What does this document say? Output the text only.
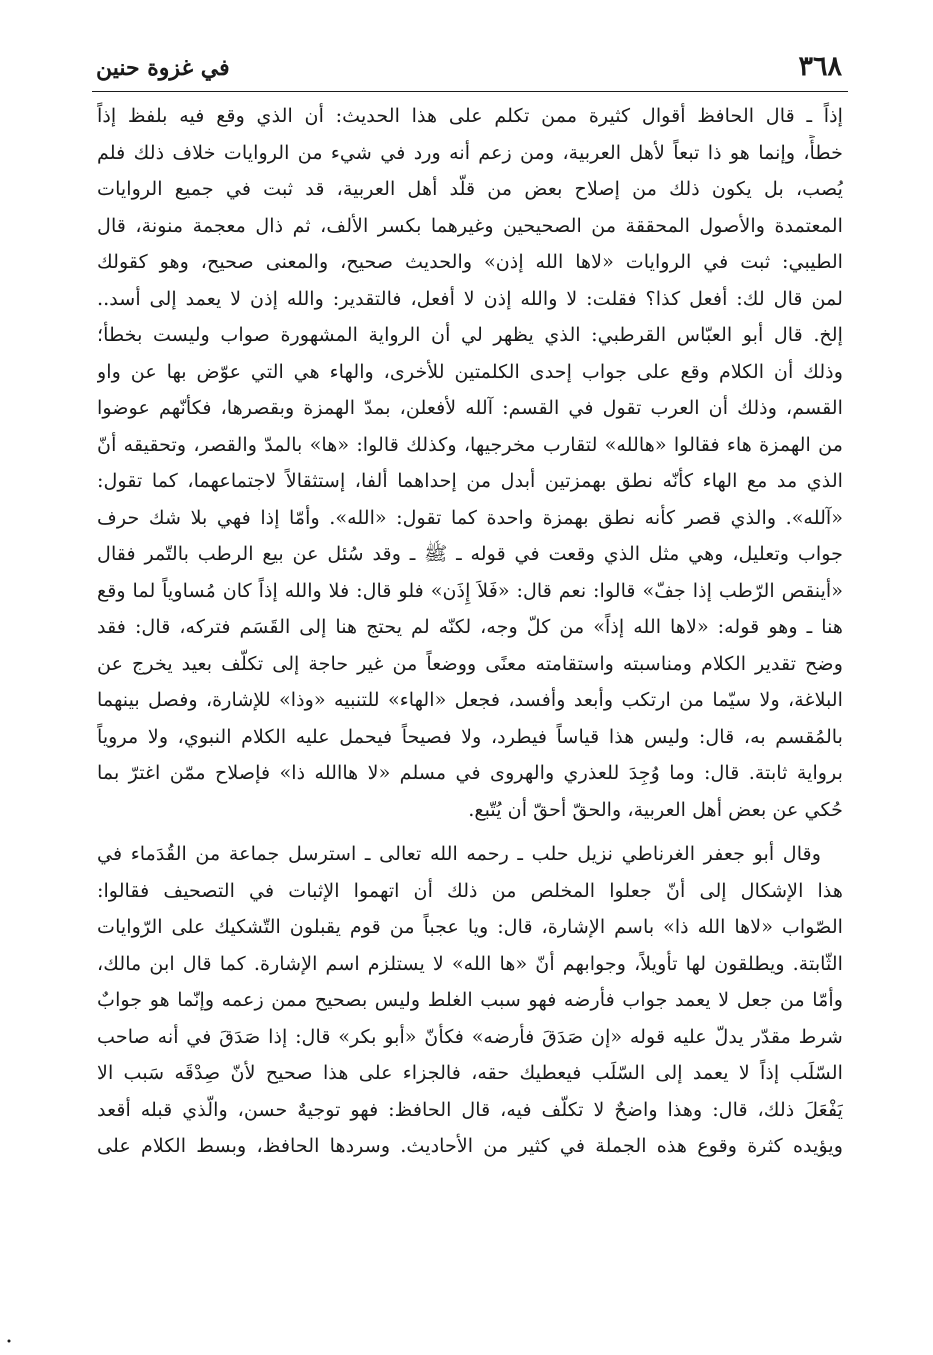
٣٦٨
في غزوة حنين
إذاً ـ قال الحافظ أقوال كثيرة ممن تكلم على هذا الحديث: أن الذي وقع فيه بلفظ إذاً
خطأً، وإنما هو ذا تبعاً لأهل العربية، ومن زعم أنه ورد في شيء من الروايات خلاف ذلك فلم
يُصب، بل يكون ذلك من إصلاح بعض من قلّد أهل العربية، قد ثبت في جميع الروايات
المعتمدة والأصول المحققة من الصحيحين وغيرهما بكسر الألف، ثم ذال معجمة منونة، قال
الطيبي: ثبت في الروايات «لاها الله إذن» والحديث صحيح، والمعنى صحيح، وهو كقولك
لمن قال لك: أفعل كذا؟ فقلت: لا والله إذن لا أفعل، فالتقدير: والله إذن لا يعمد إلى أسد..
إلخ. قال أبو العبّاس القرطبي: الذي يظهر لي أن الرواية المشهورة صواب وليست بخطأ؛
وذلك أن الكلام وقع على جواب إحدى الكلمتين للأخرى، والهاء هي التي عوّض بها عن واو
القسم، وذلك أن العرب تقول في القسم: آلله لأفعلن، بمدّ الهمزة وبقصرها، فكأنّهم عوضوا
من الهمزة هاء فقالوا «هالله» لتقارب مخرجيها، وكذلك قالوا: «ها» بالمدّ والقصر، وتحقيقه أنّ
الذي مد مع الهاء كأنّه نطق بهمزتين أبدل من إحداهما ألفا، إستثقالاً لاجتماعهما، كما تقول:
«آلله». والذي قصر كأنه نطق بهمزة واحدة كما تقول: «الله». وأمّا إذا فهي بلا شك حرف
جواب وتعليل، وهي مثل الذي وقعت في قوله ـ ﷺ ـ وقد سُئل عن بيع الرطب بالتّمر فقال
«أينقص الرّطب إذا جفّ» قالوا: نعم قال: «فَلاَ إِذَن» فلو قال: فلا والله إذاً كان مُساوياً لما وقع
هنا ـ وهو قوله: «لاها الله إذاً» من كلّ وجه، لكنّه لم يحتج هنا إلى القَسَم فتركه، قال: فقد
وضح تقدير الكلام ومناسبته واستقامته معنًى ووضعاً من غير حاجة إلى تكلّف بعيد يخرج عن
البلاغة، ولا سيّما من ارتكب وأبعد وأفسد، فجعل «الهاء» للتنبيه «وذا» للإشارة، وفصل بينهما
بالمُقسم به، قال: وليس هذا قياساً فيطرد، ولا فصيحاً فيحمل عليه الكلام النبوي، ولا مروياً
برواية ثابتة. قال: وما وُجِدَ للعذري والهروى في مسلم «لا هاالله ذا» فإصلاح ممّن اغترّ بما
حُكي عن بعض أهل العربية، والحقّ أحقّ أن يُتّبع.
وقال أبو جعفر الغرناطي نزيل حلب ـ رحمه الله تعالى ـ استرسل جماعة من القُدَماء في
هذا الإشكال إلى أنّ جعلوا المخلص من ذلك أن اتهموا الإثبات في التصحيف فقالوا:
الصّواب «لاها الله ذا» باسم الإشارة، قال: ويا عجباً من قوم يقبلون التّشكيك على الرّوايات
الثّابتة. ويطلقون لها تأويلاً، وجوابهم أنّ «ها الله» لا يستلزم اسم الإشارة. كما قال ابن مالك،
وأمّا من جعل لا يعمد جواب فأرضه فهو سبب الغلط وليس بصحيح ممن زعمه وإنّما هو جوابٌ
شرط مقدّر يدلّ عليه قوله «إن صَدَقَ فأرضه» فكأنّ «أبو بكر» قال: إذا صَدَقَ في أنه صاحب
السّلَب إذاً لا يعمد إلى السّلَب فيعطيك حقه، فالجزاء على هذا صحيح لأنّ صِدْقَه سَبب الا
يَفْعَلَ ذلك، قال: وهذا واضحٌ لا تكلّف فيه، قال الحافظ: فهو توجيهٌ حسن، والّذي قبله أقعد
ويؤيده كثرة وقوع هذه الجملة في كثير من الأحاديث. وسردها الحافظ، وبسط الكلام على
